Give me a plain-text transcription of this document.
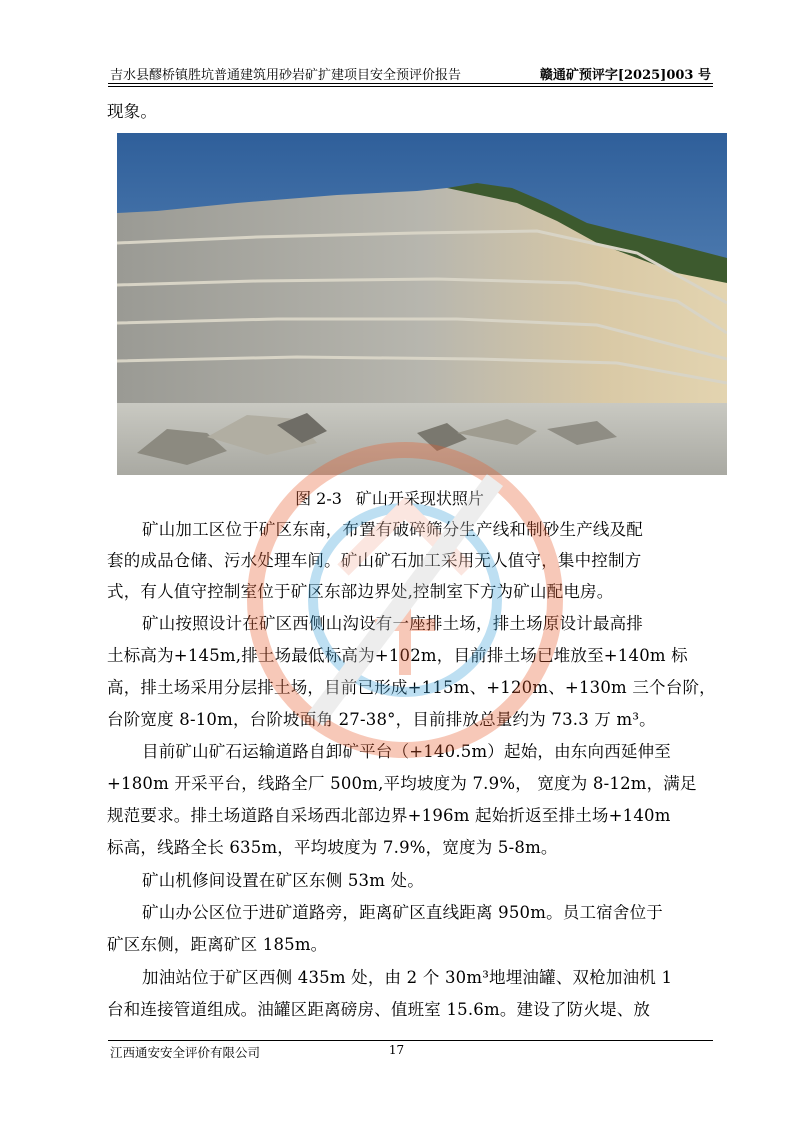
吉水县醪桥镇胜坑普通建筑用砂岩矿扩建项目安全预评价报告	赣通矿预评字[2025]003 号
现象。
图 2-3 矿山开采现状照片
矿山加工区位于矿区东南，布置有破碎筛分生产线和制砂生产线及配
套的成品仓储、污水处理车间。矿山矿石加工采用无人值守，集中控制方
式，有人值守控制室位于矿区东部边界处,控制室下方为矿山配电房。
矿山按照设计在矿区西侧山沟设有一座排土场，排土场原设计最高排
土标高为+145m,排土场最低标高为+102m，目前排土场已堆放至+140m 标
高，排土场采用分层排土场，目前已形成+115m、+120m、+130m 三个台阶，
台阶宽度 8-10m，台阶坡面角 27-38°，目前排放总量约为 73.3 万 m³。
目前矿山矿石运输道路自卸矿平台（+140.5m）起始，由东向西延伸至
+180m 开采平台，线路全厂 500m,平均坡度为 7.9%， 宽度为 8-12m，满足
规范要求。排土场道路自采场西北部边界+196m 起始折返至排土场+140m
标高，线路全长 635m，平均坡度为 7.9%，宽度为 5-8m。
矿山机修间设置在矿区东侧 53m 处。
矿山办公区位于进矿道路旁，距离矿区直线距离 950m。员工宿舍位于
矿区东侧，距离矿区 185m。
加油站位于矿区西侧 435m 处，由 2 个 30m³地埋油罐、双枪加油机 1
台和连接管道组成。油罐区距离磅房、值班室 15.6m。建设了防火堤、放
江西通安安全评价有限公司	17
